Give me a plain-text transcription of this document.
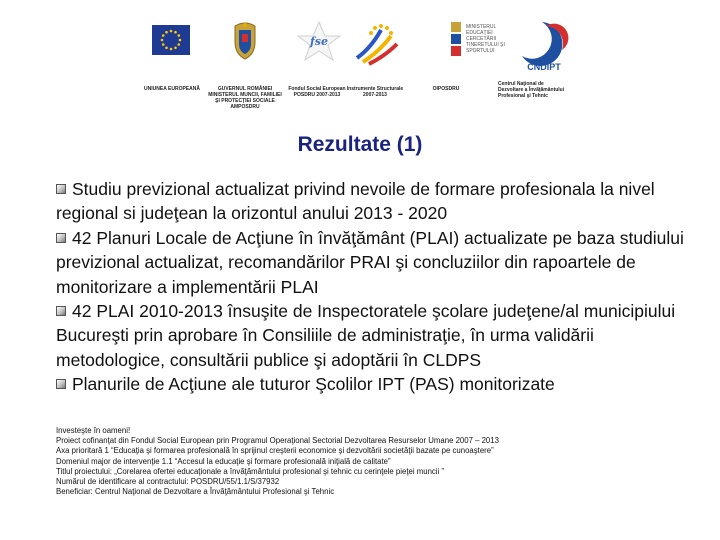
UNIUNEA EUROPEANĂ	GUVERNUL ROMÂNIEI MINISTERUL MUNCII, FAMILIEI ŞI PROTECŢIEI SOCIALE AMPOSDRU
fse
Fondul Social European POSDRU 2007-2013
Instrumente Structurale 2007-2013
OIPOSDRU
MINISTERUL EDUCAŢIEI CERCETĂRII TINERETULUI ŞI SPORTULUI
CNDIPT
Centrul Naţional de Dezvoltare a Învăţământului Profesional şi Tehnic
Rezultate (1)
Studiu previzional actualizat privind nevoile de formare profesionala la nivel regional si judeţean la orizontul anului 2013 - 2020
42 Planuri Locale de Acţiune în învăţământ (PLAI) actualizate pe baza studiului previzional actualizat, recomandărilor PRAI şi concluziilor din rapoartele de monitorizare a implementării PLAI
42 PLAI 2010-2013 însuşite de Inspectoratele şcolare judeţene/al municipiului Bucureşti prin aprobare în Consiliile de administraţie, în urma validării metodologice, consultării publice şi adoptării în CLDPS
Planurile de Acţiune ale tuturor Şcolilor IPT (PAS) monitorizate
Investeşte în oameni!
Proiect cofinanţat din Fondul Social European prin Programul Operaţional Sectorial Dezvoltarea Resurselor Umane 2007 – 2013
Axa prioritară 1 “Educaţia şi formarea profesională în sprijinul creşterii economice şi dezvoltării societăţii bazate pe cunoaştere”
Domeniul major de intervenţie 1.1 “Accesul la educaţie şi formare profesională iniţială de calitate”
Titlul proiectului: „Corelarea ofertei educaţionale a învăţământului profesional şi tehnic cu cerinţele pieţei muncii ”
Numărul de identificare al contractului: POSDRU/55/1.1/S/37932
Beneficiar: Centrul Naţional de Dezvoltare a Învăţământului Profesional şi Tehnic
